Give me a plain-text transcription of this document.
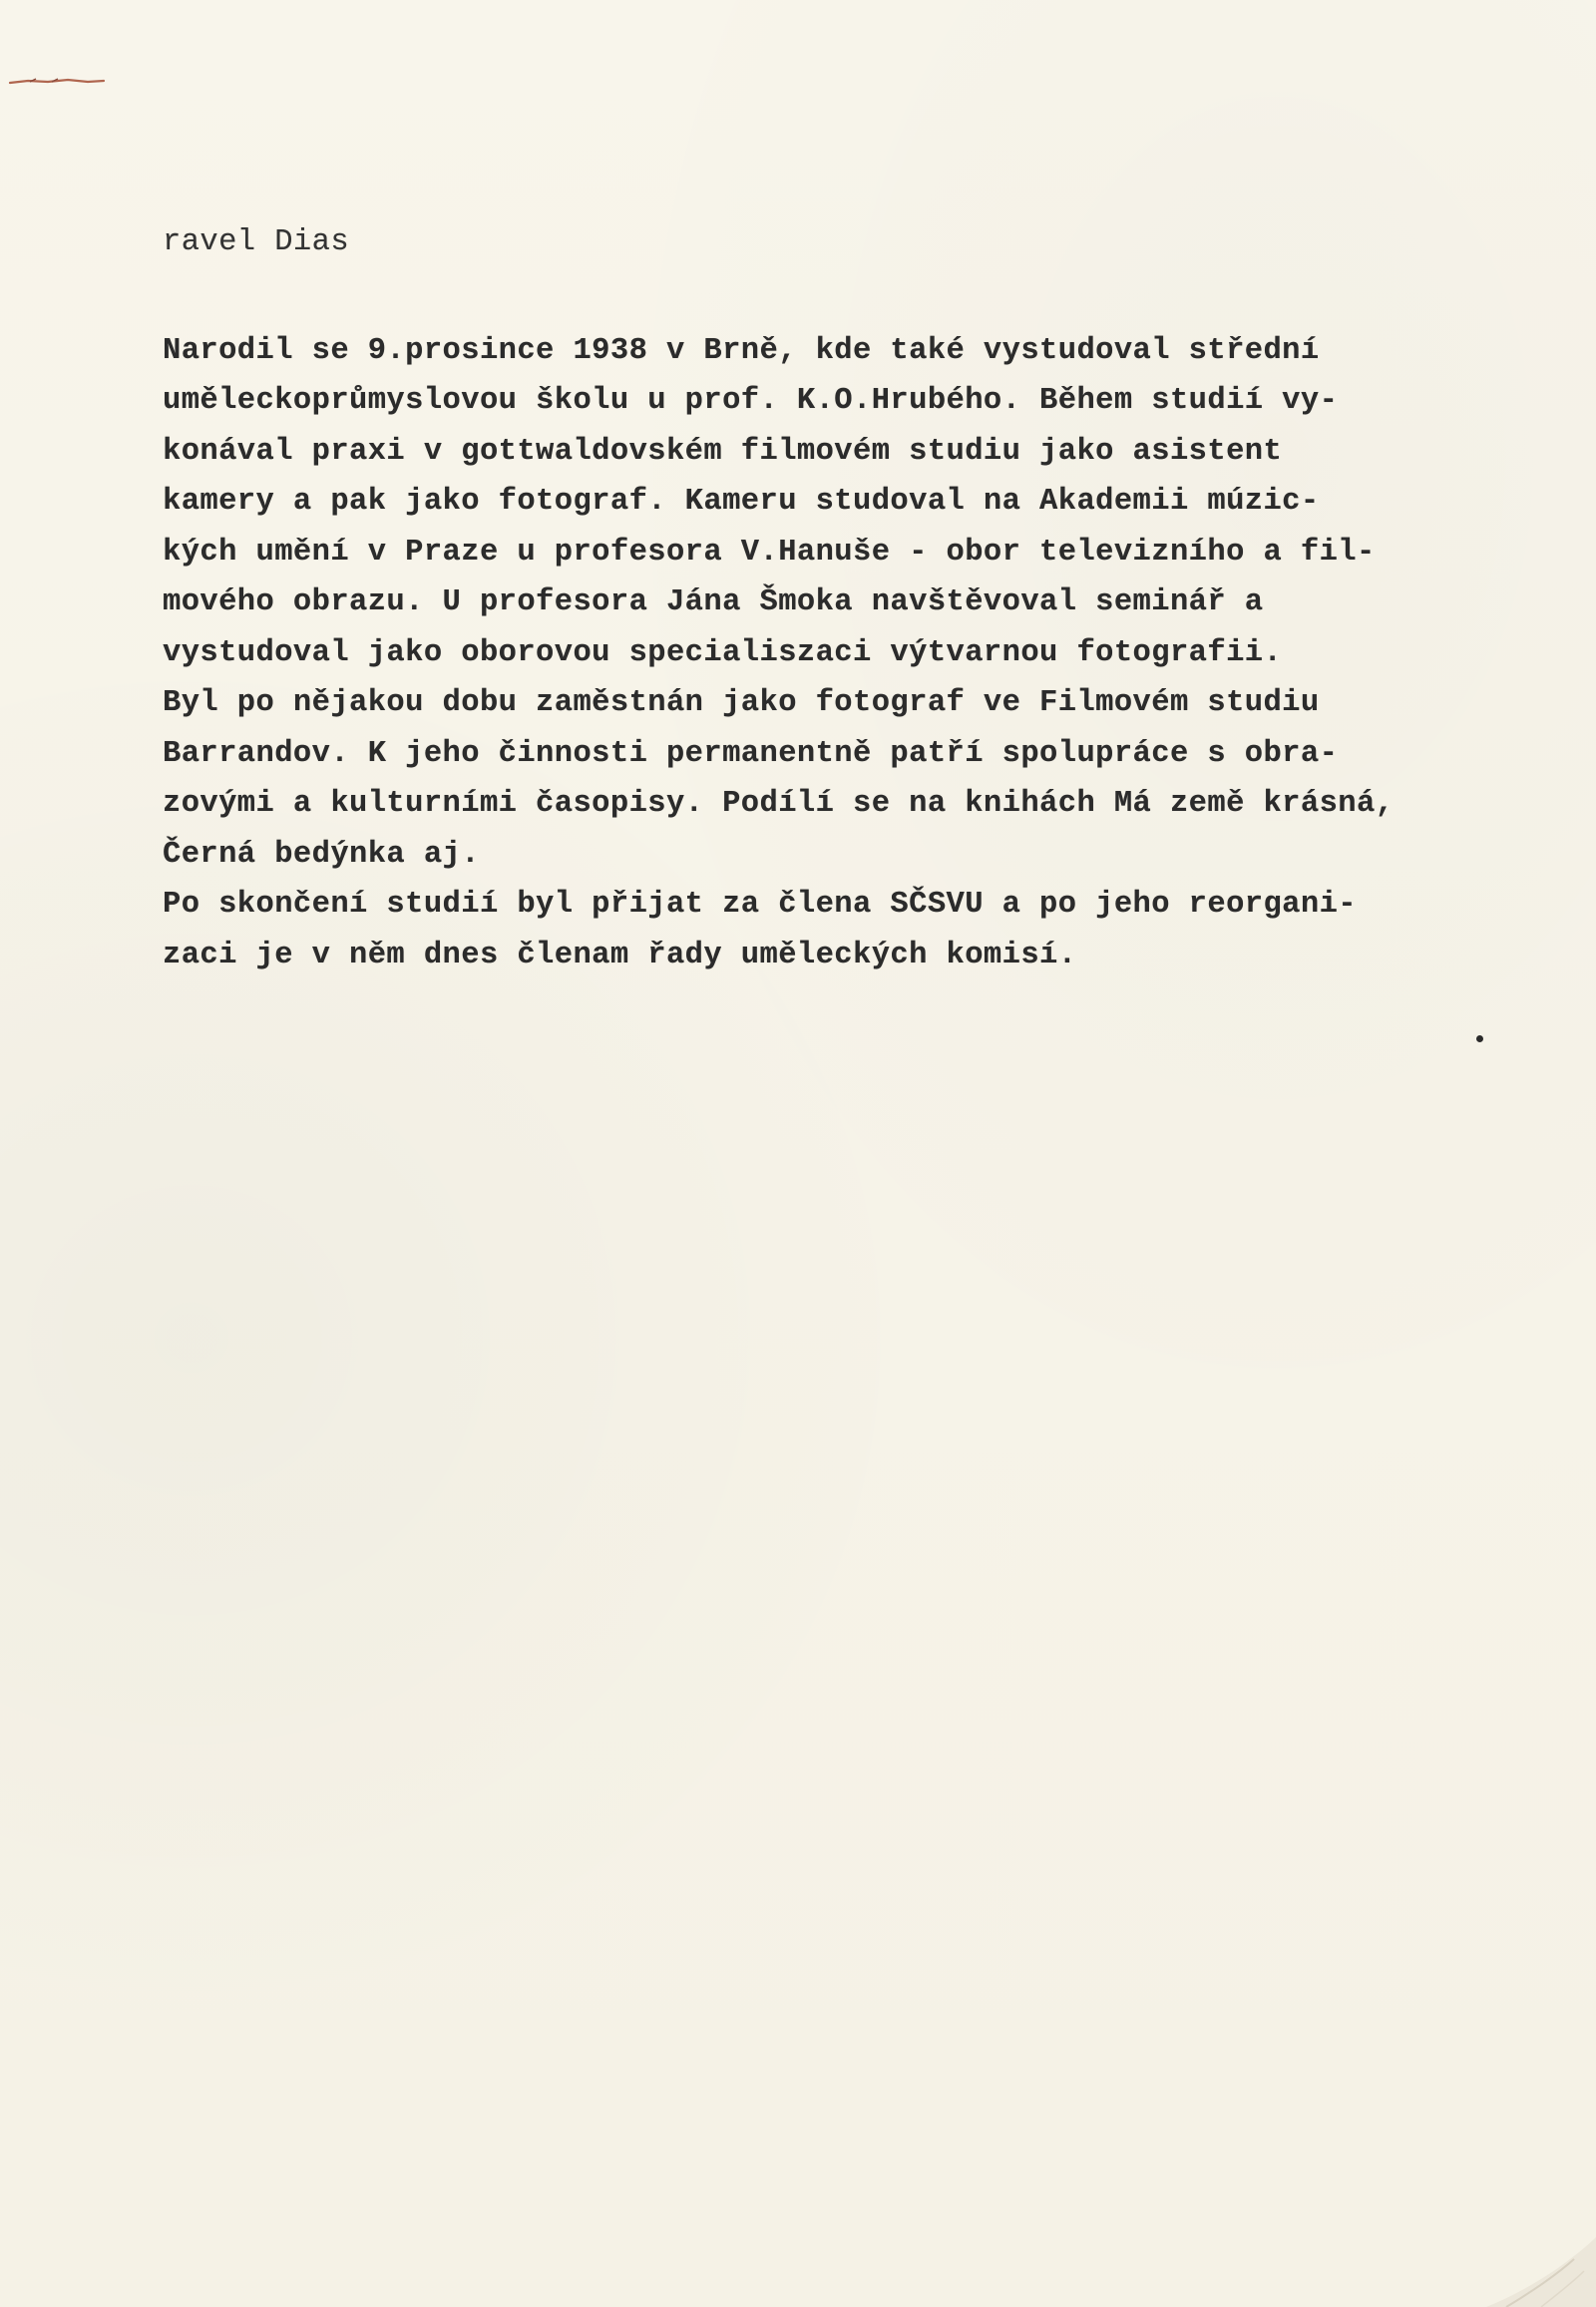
ravel Dias
Narodil se 9.prosince 1938 v Brně, kde také vystudoval střední
uměleckoprůmyslovou školu u prof. K.O.Hrubého. Během studií vy-
konával praxi v gottwaldovském filmovém studiu jako asistent
kamery a pak jako fotograf. Kameru studoval na Akademii múzic-
kých umění v Praze u profesora V.Hanuše - obor televizního a fil-
mového obrazu. U profesora Jána Šmoka navštěvoval seminář a
vystudoval jako oborovou specialiszaci výtvarnou fotografii.
Byl po nějakou dobu zaměstnán jako fotograf ve Filmovém studiu
Barrandov. K jeho činnosti permanentně patří spolupráce s obra-
zovými a kulturními časopisy. Podílí se na knihách Má země krásná,
Černá bedýnka aj.
Po skončení studií byl přijat za člena SČSVU a po jeho reorgani-
zaci je v něm dnes členam řady uměleckých komisí.
